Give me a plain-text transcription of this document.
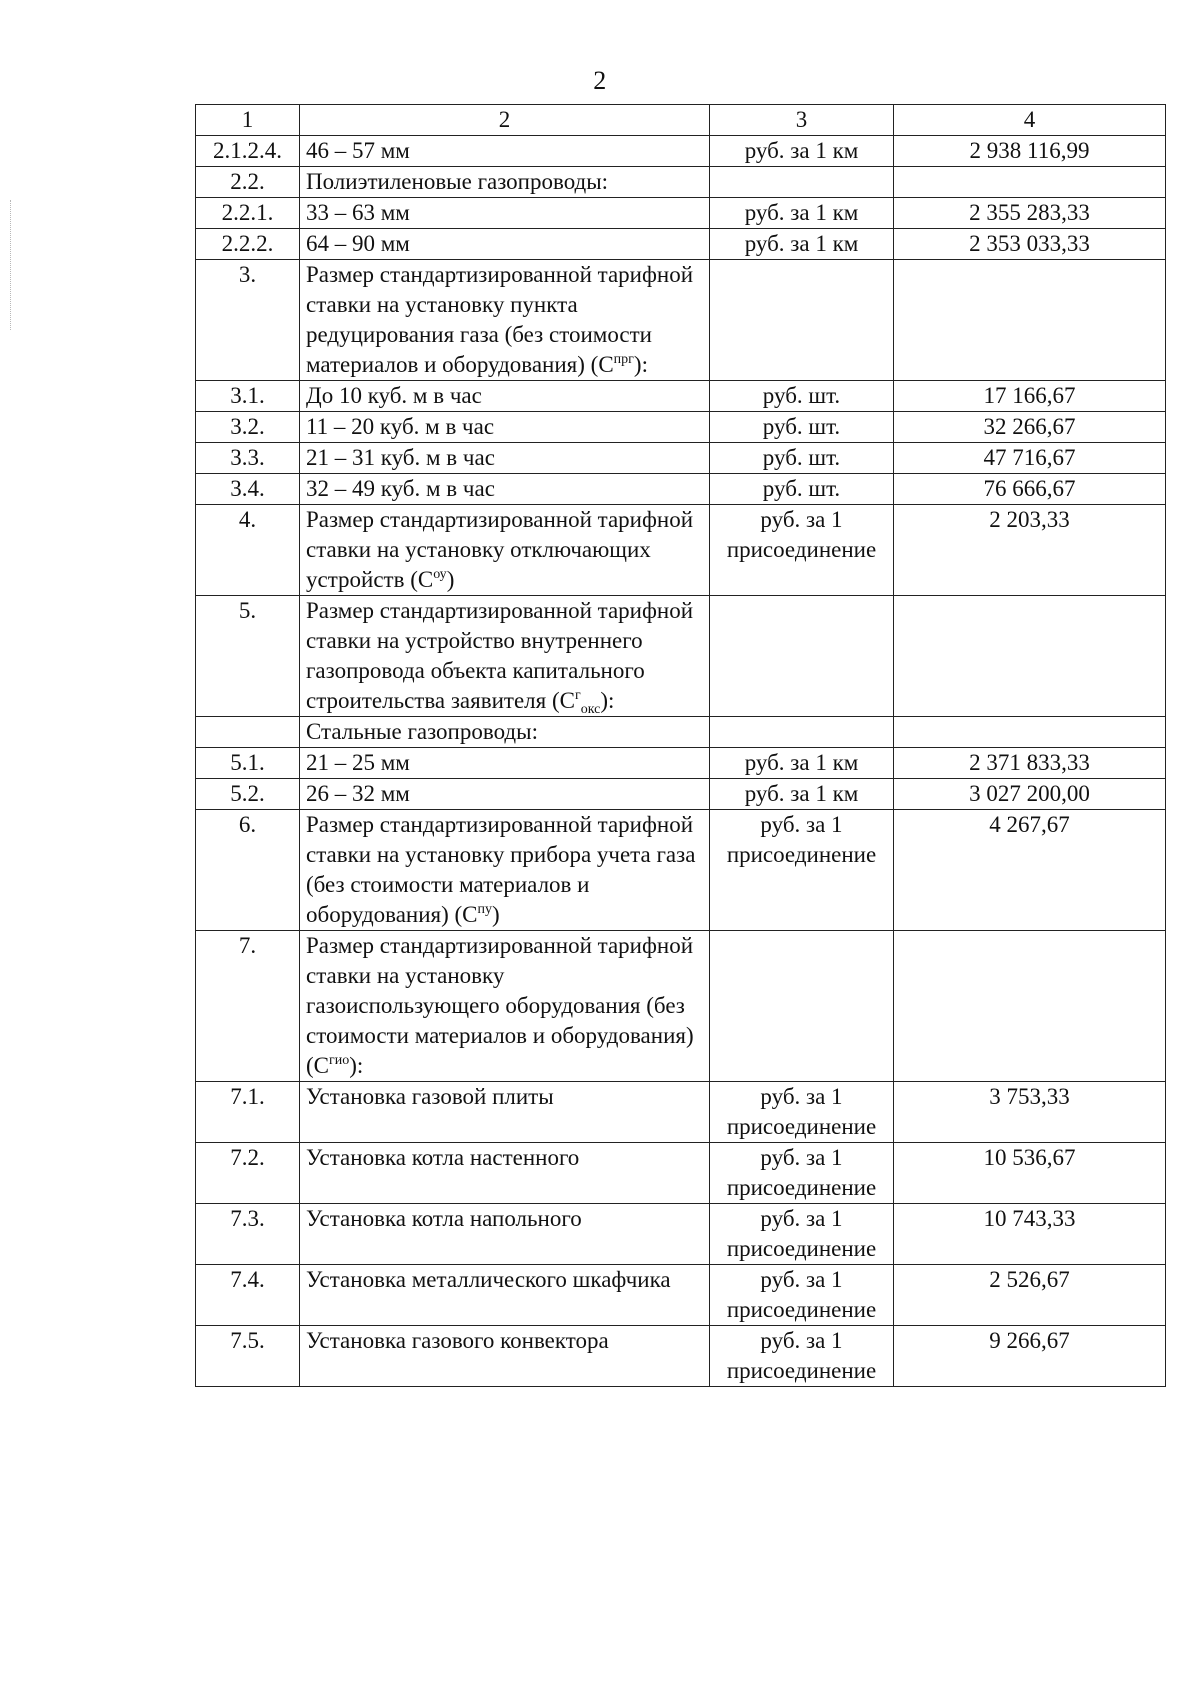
2
1	2	3	4
2.1.2.4.	46 – 57 мм	руб. за 1 км	2 938 116,99
2.2.	Полиэтиленовые газопроводы:		
2.2.1.	33 – 63 мм	руб. за 1 км	2 355 283,33
2.2.2.	64 – 90 мм	руб. за 1 км	2 353 033,33
3.	Размер стандартизированной тарифной ставки на установку пункта редуцирования газа (без стоимости материалов и оборудования) $(С^{прг})$:		
3.1.	До 10 куб. м в час	руб. шт.	17 166,67
3.2.	11 – 20 куб. м в час	руб. шт.	32 266,67
3.3.	21 – 31 куб. м в час	руб. шт.	47 716,67
3.4.	32 – 49 куб. м в час	руб. шт.	76 666,67
4.	Размер стандартизированной тарифной ставки на установку отключающих устройств $(С^{оу})$	руб. за 1 присоединение	2 203,33
5.	Размер стандартизированной тарифной ставки на устройство внутреннего газопровода объекта капитального строительства заявителя $(С^г_{окс})$:		
	Стальные газопроводы:		
5.1.	21 – 25 мм	руб. за 1 км	2 371 833,33
5.2.	26 – 32 мм	руб. за 1 км	3 027 200,00
6.	Размер стандартизированной тарифной ставки на установку прибора учета газа (без стоимости материалов и оборудования) $(С^{пу})$	руб. за 1 присоединение	4 267,67
7.	Размер стандартизированной тарифной ставки на установку газоиспользующего оборудования (без стоимости материалов и оборудования) $(С^{гио})$:		
7.1.	Установка газовой плиты	руб. за 1 присоединение	3 753,33
7.2.	Установка котла настенного	руб. за 1 присоединение	10 536,67
7.3.	Установка котла напольного	руб. за 1 присоединение	10 743,33
7.4.	Установка металлического шкафчика	руб. за 1 присоединение	2 526,67
7.5.	Установка газового конвектора	руб. за 1 присоединение	9 266,67
